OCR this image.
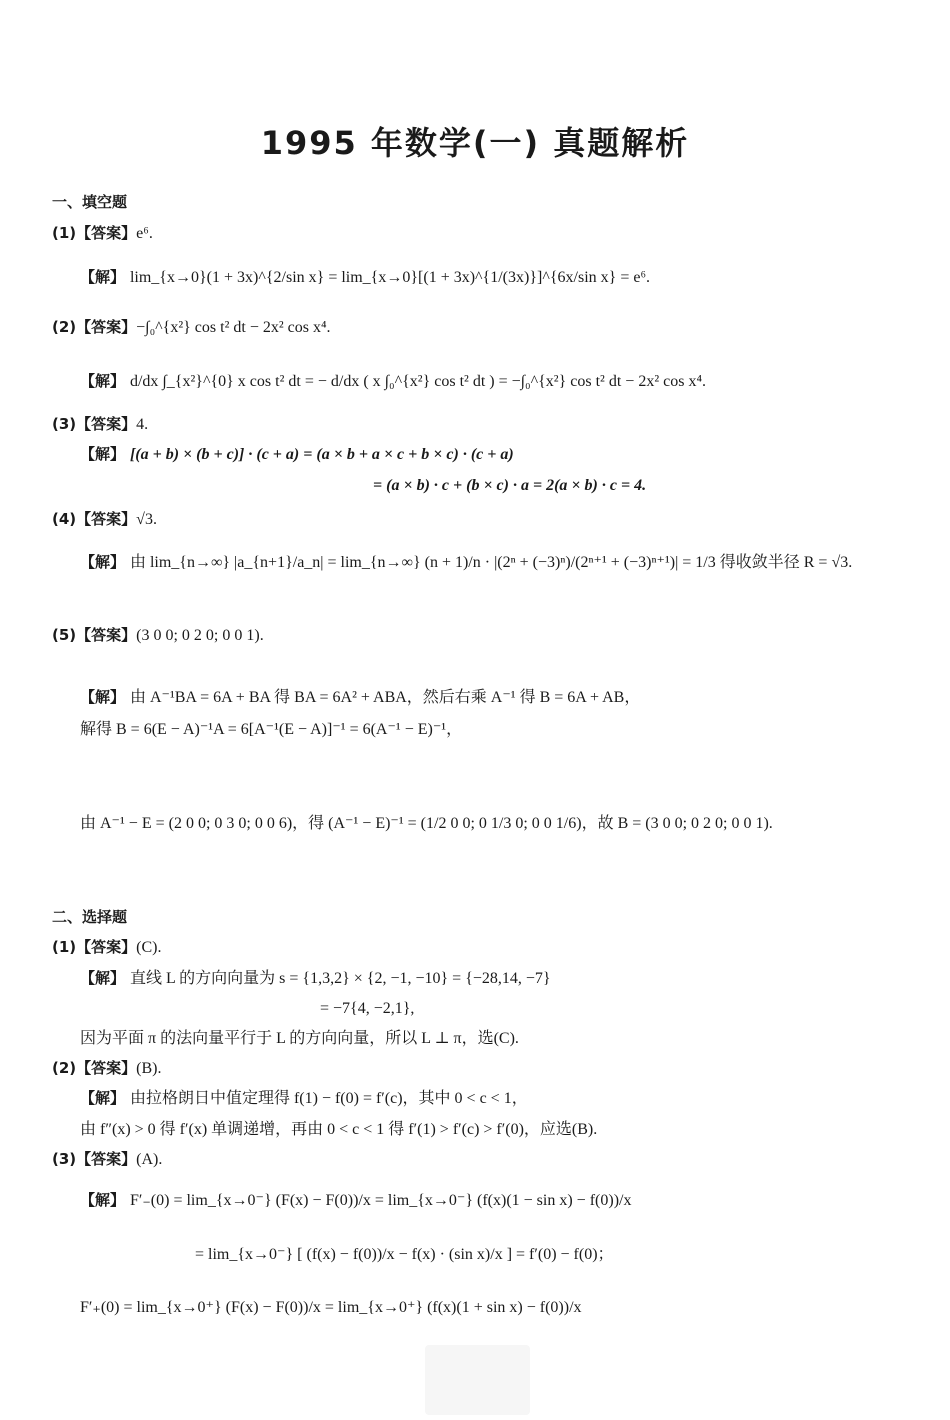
1995 年数学(一) 真题解析
一、填空题
(1)【答案】e⁶.
【解】 lim_{x→0}(1 + 3x)^{2/sin x} = lim_{x→0}[(1 + 3x)^{1/(3x)}]^{6x/sin x} = e⁶.
(2)【答案】−∫₀^{x²} cos t² dt − 2x² cos x⁴.
【解】 d/dx ∫_{x²}^{0} x cos t² dt = − d/dx ( x ∫₀^{x²} cos t² dt ) = −∫₀^{x²} cos t² dt − 2x² cos x⁴.
(3)【答案】4.
【解】 [(a + b) × (b + c)] · (c + a) = (a × b + a × c + b × c) · (c + a)
= (a × b) · c + (b × c) · a = 2(a × b) · c = 4.
(4)【答案】√3.
【解】 由 lim_{n→∞} |a_{n+1}/a_n| = lim_{n→∞} (n + 1)/n · |(2ⁿ + (−3)ⁿ)/(2ⁿ⁺¹ + (−3)ⁿ⁺¹)| = 1/3 得收敛半径 R = √3.
(5)【答案】(3 0 0; 0 2 0; 0 0 1).
【解】 由 A⁻¹BA = 6A + BA 得 BA = 6A² + ABA，然后右乘 A⁻¹ 得 B = 6A + AB，
解得 B = 6(E − A)⁻¹A = 6[A⁻¹(E − A)]⁻¹ = 6(A⁻¹ − E)⁻¹，
由 A⁻¹ − E = (2 0 0; 0 3 0; 0 0 6)，得 (A⁻¹ − E)⁻¹ = (1/2 0 0; 0 1/3 0; 0 0 1/6)，故 B = (3 0 0; 0 2 0; 0 0 1).
二、选择题
(1)【答案】(C).
【解】 直线 L 的方向向量为 s = {1,3,2} × {2, −1, −10} = {−28,14, −7}
= −7{4, −2,1},
因为平面 π 的法向量平行于 L 的方向向量，所以 L ⊥ π，选(C).
(2)【答案】(B).
【解】 由拉格朗日中值定理得 f(1) − f(0) = f′(c)，其中 0 < c < 1，
由 f″(x) > 0 得 f′(x) 单调递增，再由 0 < c < 1 得 f′(1) > f′(c) > f′(0)，应选(B).
(3)【答案】(A).
【解】 F′₋(0) = lim_{x→0⁻} (F(x) − F(0))/x = lim_{x→0⁻} (f(x)(1 − sin x) − f(0))/x
= lim_{x→0⁻} [ (f(x) − f(0))/x − f(x) · (sin x)/x ] = f′(0) − f(0)；
F′₊(0) = lim_{x→0⁺} (F(x) − F(0))/x = lim_{x→0⁺} (f(x)(1 + sin x) − f(0))/x
